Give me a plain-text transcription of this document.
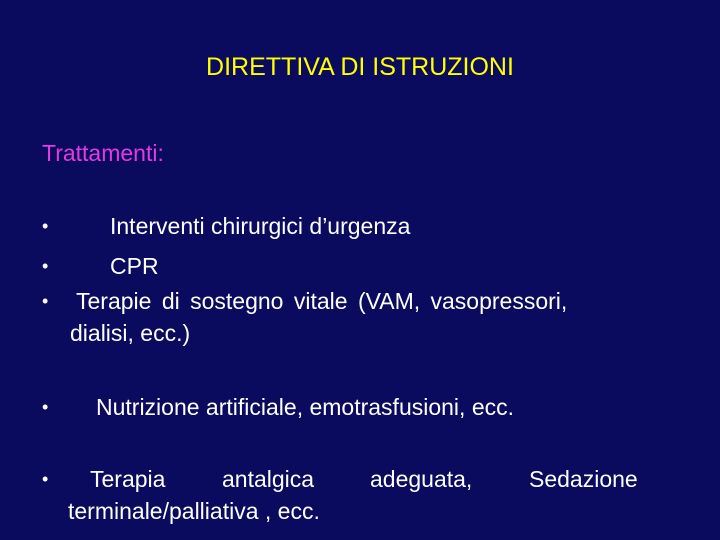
DIRETTIVA DI ISTRUZIONI
Trattamenti:
•	Interventi chirurgici d’urgenza
•	CPR
•	Terapie di sostegno vitale (VAM, vasopressori,
dialisi, ecc.)
•	Nutrizione artificiale, emotrasfusioni, ecc.
•	Terapia antalgica adeguata, Sedazione
terminale/palliativa , ecc.
